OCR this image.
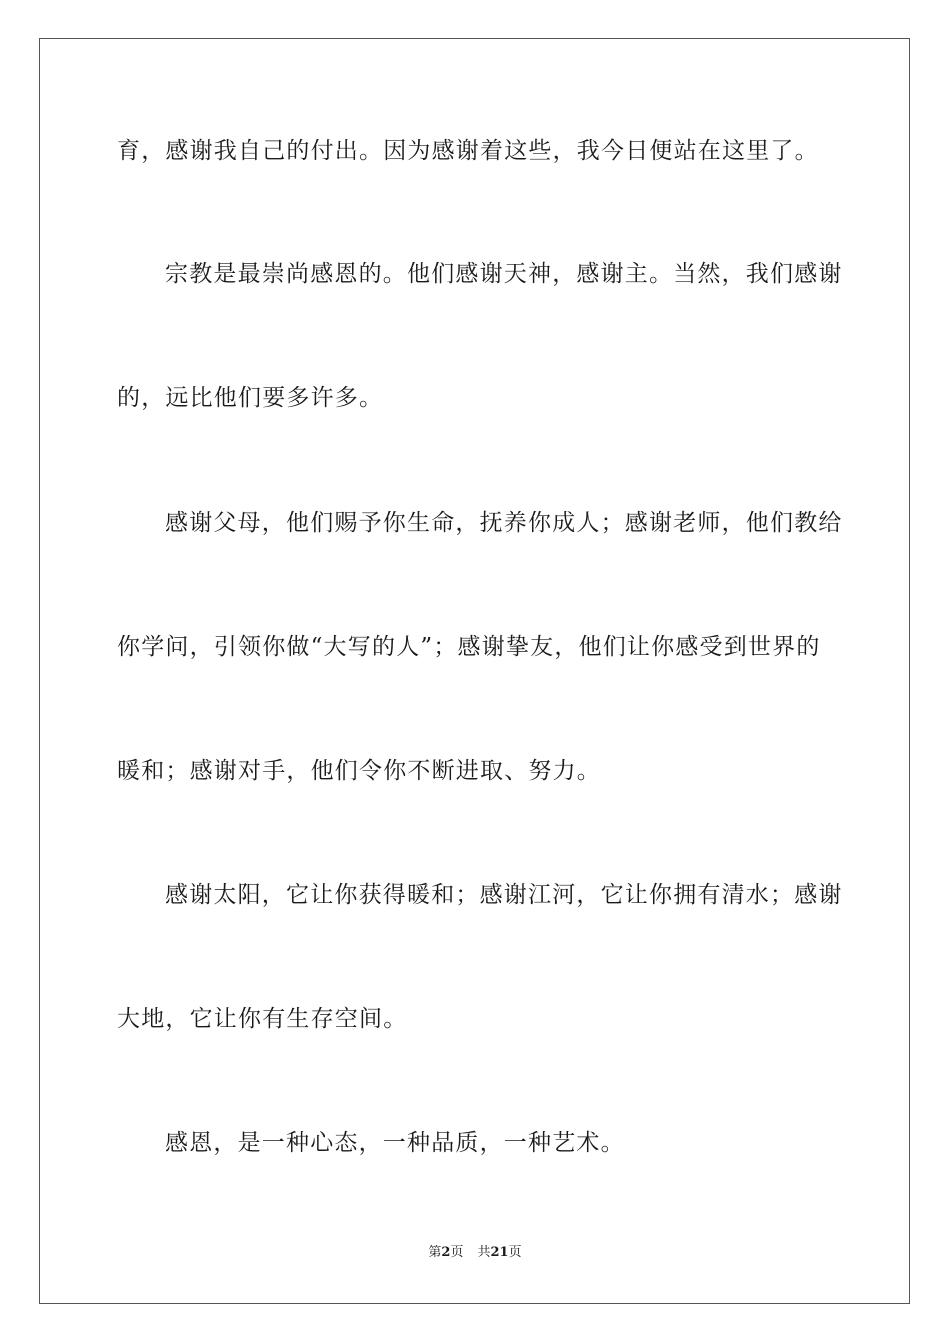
育，感谢我自己的付出。因为感谢着这些，我今日便站在这里了。
宗教是最崇尚感恩的。他们感谢天神，感谢主。当然，我们感谢
的，远比他们要多许多。
感谢父母，他们赐予你生命，抚养你成人；感谢老师，他们教给
你学问，引领你做“大写的人”；感谢挚友，他们让你感受到世界的
暖和；感谢对手，他们令你不断进取、努力。
感谢太阳，它让你获得暖和；感谢江河，它让你拥有清水；感谢
大地，它让你有生存空间。
感恩，是一种心态，一种品质，一种艺术。
第2页 共21页
